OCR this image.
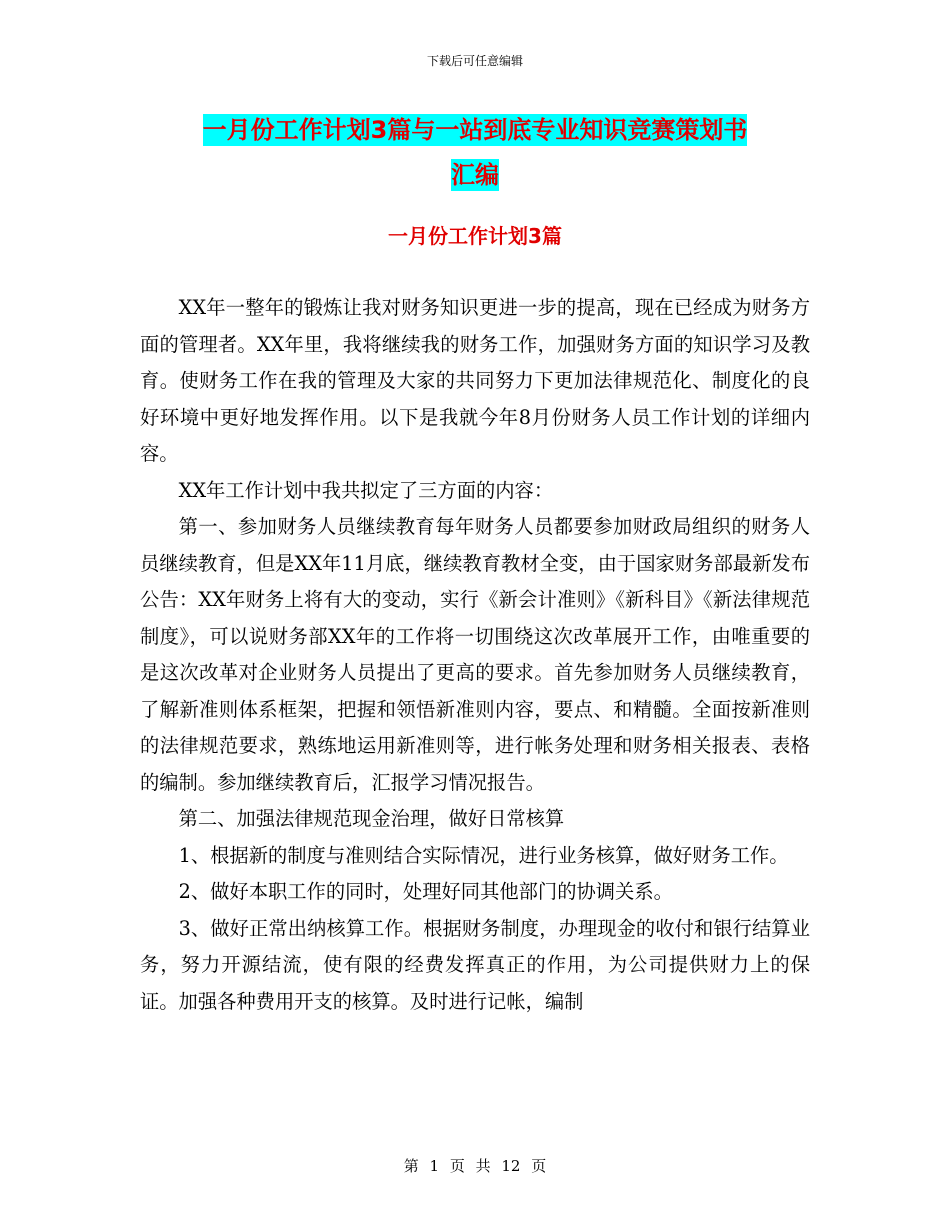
下载后可任意编辑
一月份工作计划3篇与一站到底专业知识竞赛策划书
汇编
一月份工作计划3篇

XX年一整年的锻炼让我对财务知识更进一步的提高，现在已经成为财务方面的管理者。XX年里，我将继续我的财务工作，加强财务方面的知识学习及教育。使财务工作在我的管理及大家的共同努力下更加法律规范化、制度化的良好环境中更好地发挥作用。以下是我就今年8月份财务人员工作计划的详细内容。

XX年工作计划中我共拟定了三方面的内容：

第一、参加财务人员继续教育每年财务人员都要参加财政局组织的财务人员继续教育，但是XX年11月底，继续教育教材全变，由于国家财务部最新发布公告：XX年财务上将有大的变动，实行《新会计准则》《新科目》《新法律规范制度》，可以说财务部XX年的工作将一切围绕这次改革展开工作，由唯重要的是这次改革对企业财务人员提出了更高的要求。首先参加财务人员继续教育，了解新准则体系框架，把握和领悟新准则内容，要点、和精髓。全面按新准则的法律规范要求，熟练地运用新准则等，进行帐务处理和财务相关报表、表格的编制。参加继续教育后，汇报学习情况报告。

第二、加强法律规范现金治理，做好日常核算

1、根据新的制度与准则结合实际情况，进行业务核算，做好财务工作。

2、做好本职工作的同时，处理好同其他部门的协调关系。

3、做好正常出纳核算工作。根据财务制度，办理现金的收付和银行结算业务，努力开源结流，使有限的经费发挥真正的作用，为公司提供财力上的保证。加强各种费用开支的核算。及时进行记帐，编制

第 1 页 共 12 页
